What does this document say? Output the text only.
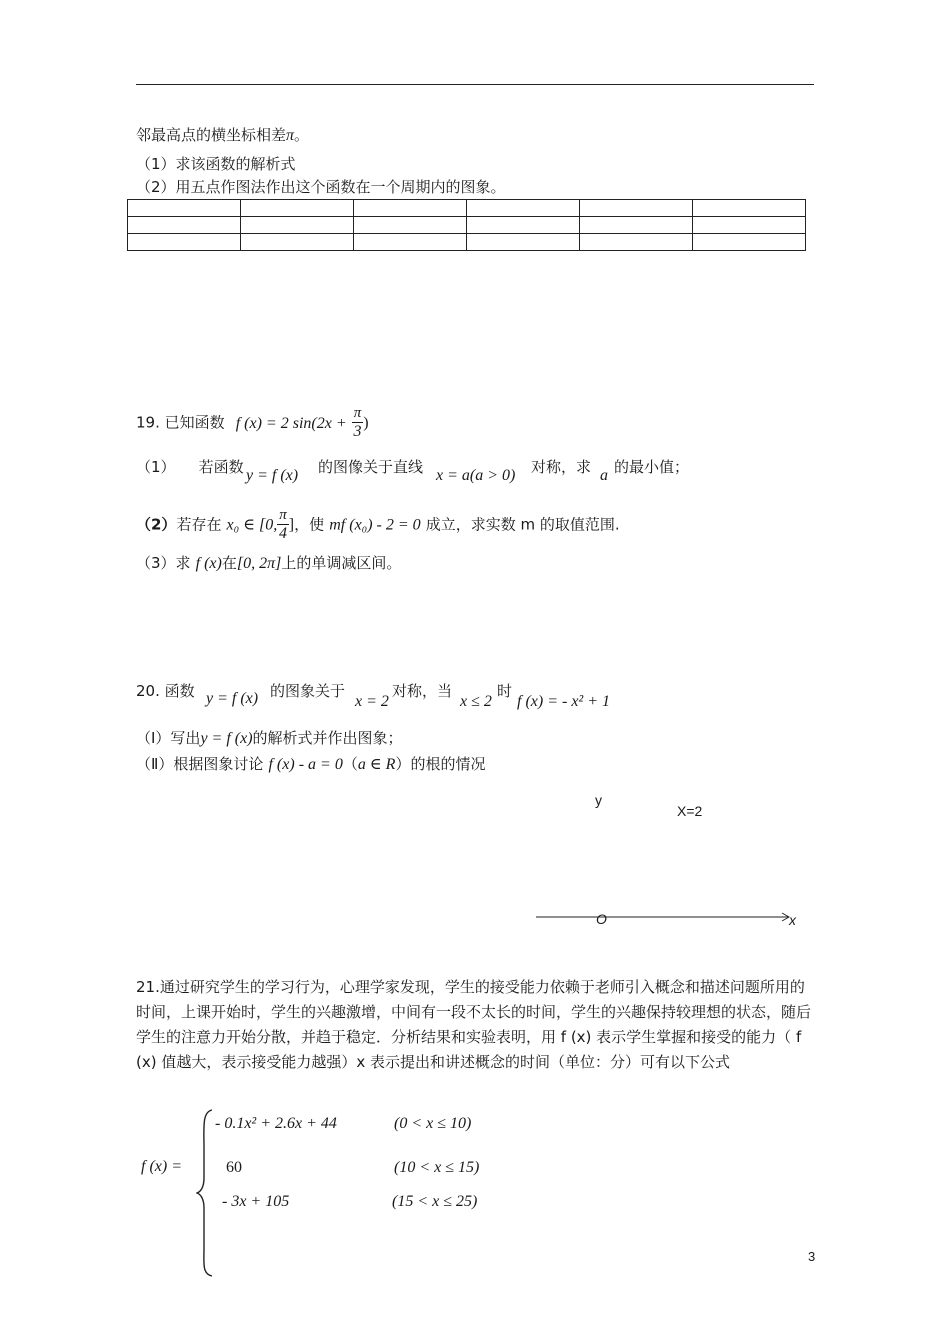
邻最高点的横坐标相差π。
（1）求该函数的解析式
（2）用五点作图法作出这个函数在一个周期内的图象。

19. 已知函数 f (x) = 2 $\sin(2x + \frac{\pi}{3}$ )
（1） 若函数 y = f (x) 的图像关于直线 x = a(a > 0) 对称，求 a 的最小值；
（2）若存在 x₀ ∈ [0, $\frac{\pi}{4}$ ]，使 mf (x₀) - 2 = 0 成立，求实数 m 的取值范围.
（3）求 f (x)在[0, 2π]上的单调减区间。
20. 函数 y = f (x) 的图象关于
x = 2
对称，当
x ≤ 2
时
f (x) = - x² + 1
（Ⅰ）写出y = f (x)的解析式并作出图象；
（Ⅱ）根据图象讨论 f (x) - a = 0（a ∈ R）的根的情况
y
X=2
O	x
21.通过研究学生的学习行为，心理学家发现，学生的接受能力依赖于老师引入概念和描述问题所用的时间，上课开始时，学生的兴趣激增，中间有一段不太长的时间，学生的兴趣保持较理想的状态，随后学生的注意力开始分散，并趋于稳定．分析结果和实验表明，用 f (x) 表示学生掌握和接受的能力（ f (x) 值越大，表示接受能力越强）x 表示提出和讲述概念的时间（单位：分）可有以下公式
f (x) =
- 0.1x² + 2.6x + 44	(0 < x ≤ 10)
60	(10 < x ≤ 15)
- 3x + 105	(15 < x ≤ 25)
3
